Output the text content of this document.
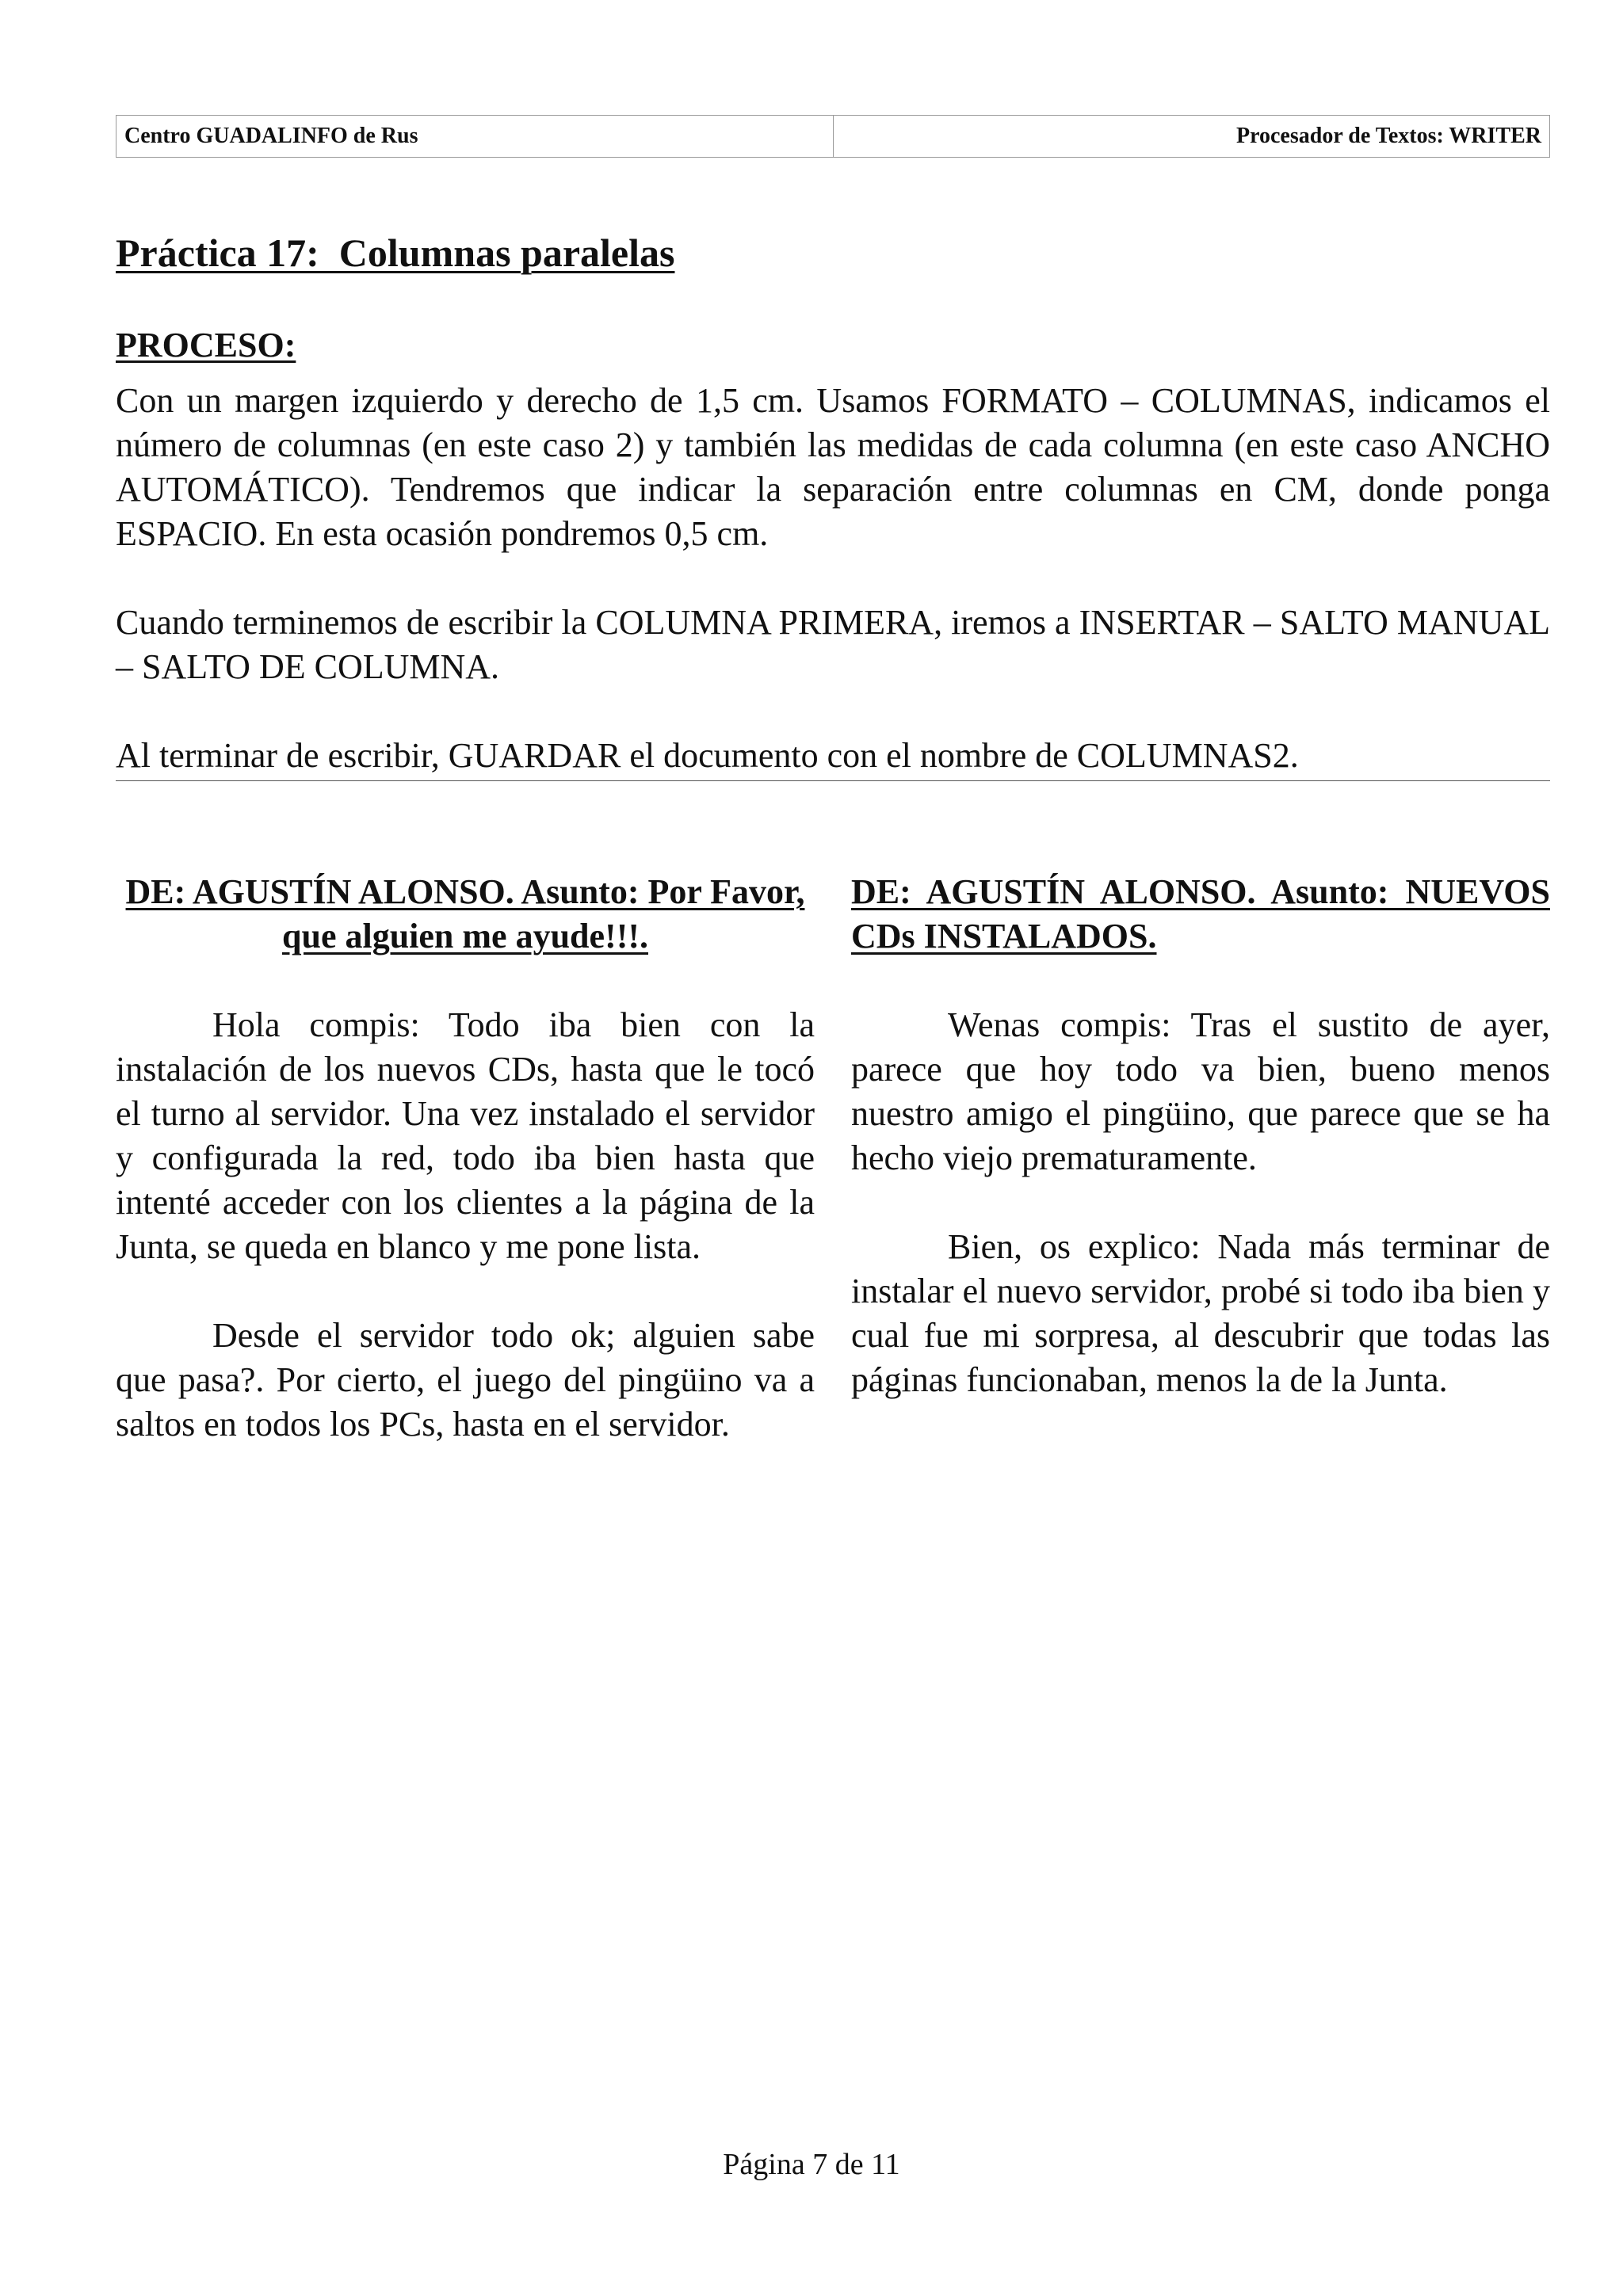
Centro GUADALINFO de Rus	Procesador de Textos: WRITER
Práctica 17:  Columnas paralelas
PROCESO:

Con un margen izquierdo y derecho de 1,5 cm. Usamos FORMATO – COLUMNAS, indicamos el número de columnas (en este caso 2) y también las medidas de cada columna (en este caso ANCHO AUTOMÁTICO). Tendremos que indicar la separación entre columnas en CM, donde ponga ESPACIO. En esta ocasión pondremos 0,5 cm.

Cuando terminemos de escribir la COLUMNA PRIMERA, iremos a INSERTAR – SALTO MANUAL – SALTO DE COLUMNA.

Al terminar de escribir, GUARDAR el documento con el nombre de COLUMNAS2.

DE: AGUSTÍN ALONSO. Asunto: Por Favor, que alguien me ayude!!!.

Hola compis: Todo iba bien con la instalación de los nuevos CDs, hasta que le tocó el turno al servidor. Una vez instalado el servidor y configurada la red, todo iba bien hasta que intenté acceder con los clientes a la página de la Junta, se queda en blanco y me pone lista.

Desde el servidor todo ok; alguien sabe que pasa?. Por cierto, el juego del pingüino va a saltos en todos los PCs, hasta en el servidor.

DE: AGUSTÍN ALONSO. Asunto: NUEVOS CDs INSTALADOS.

Wenas compis: Tras el sustito de ayer, parece que hoy todo va bien, bueno menos nuestro amigo el pingüino, que parece que se ha hecho viejo prematuramente.

Bien, os explico: Nada más terminar de instalar el nuevo servidor, probé si todo iba bien y cual fue mi sorpresa, al descubrir que todas las páginas funcionaban, menos la de la Junta.

Página 7 de 11
